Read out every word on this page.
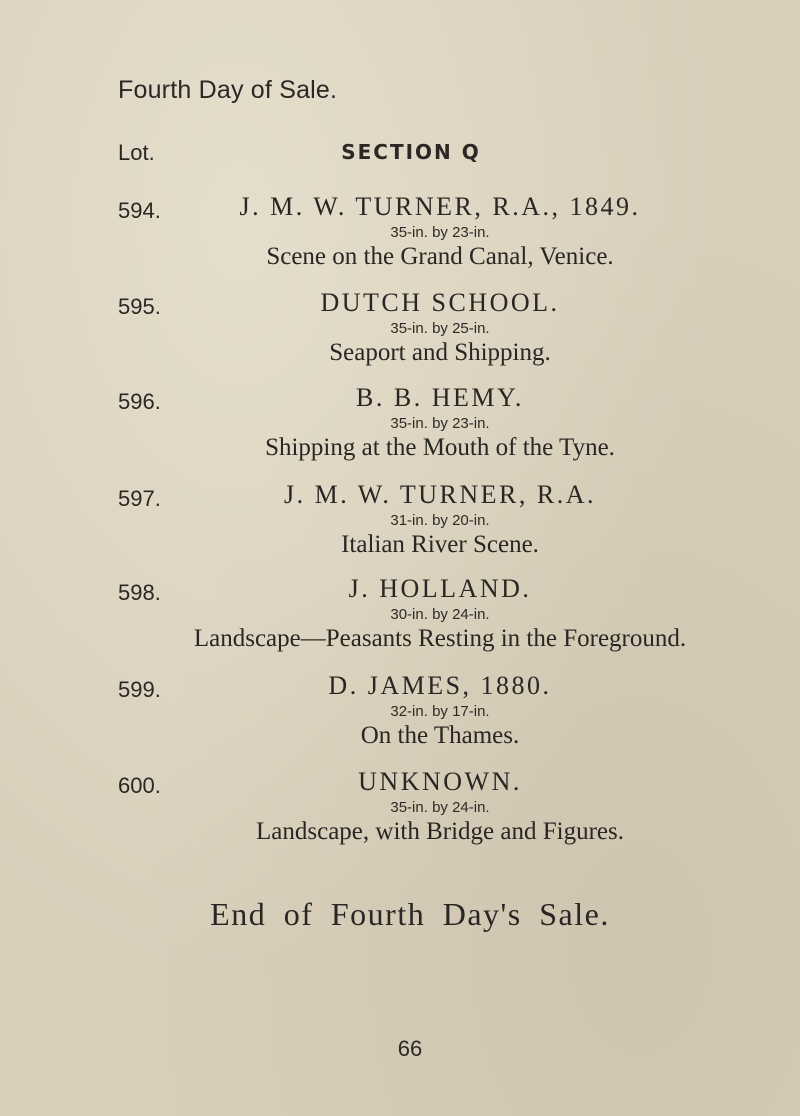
Fourth Day of Sale.
Lot.	SECTION Q
594.	J. M. W. TURNER, R.A., 1849.
35-in. by 23-in.
Scene on the Grand Canal, Venice.
595.	DUTCH SCHOOL.
35-in. by 25-in.
Seaport and Shipping.
596.	B. B. HEMY.
35-in. by 23-in.
Shipping at the Mouth of the Tyne.
597.	J. M. W. TURNER, R.A.
31-in. by 20-in.
Italian River Scene.
598.	J. HOLLAND.
30-in. by 24-in.
Landscape—Peasants Resting in the Foreground.
599.	D. JAMES, 1880.
32-in. by 17-in.
On the Thames.
600.	UNKNOWN.
35-in. by 24-in.
Landscape, with Bridge and Figures.
End of Fourth Day's Sale.
66
